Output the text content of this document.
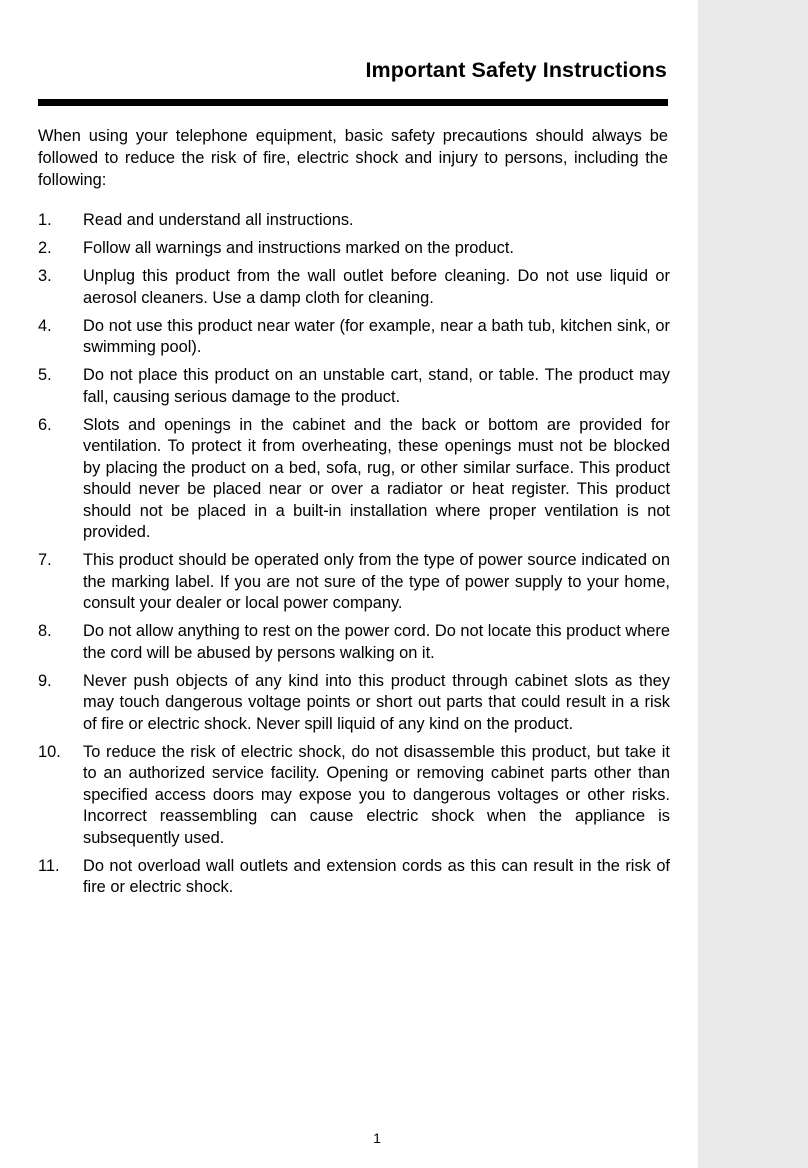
Important Safety Instructions

When using your telephone equipment, basic safety precautions should always be followed to reduce the risk of fire, electric shock and injury to persons, including the following:

1. Read and understand all instructions.
2. Follow all warnings and instructions marked on the product.
3. Unplug this product from the wall outlet before cleaning. Do not use liquid or aerosol cleaners. Use a damp cloth for cleaning.
4. Do not use this product near water (for example, near a bath tub, kitchen sink, or swimming pool).
5. Do not place this product on an unstable cart, stand, or table. The product may fall, causing serious damage to the product.
6. Slots and openings in the cabinet and the back or bottom are provided for ventilation. To protect it from overheating, these openings must not be blocked by placing the product on a bed, sofa, rug, or other similar surface. This product should never be placed near or over a radiator or heat register. This product should not be placed in a built-in installation where proper ventilation is not provided.
7. This product should be operated only from the type of power source indicated on the marking label. If you are not sure of the type of power supply to your home, consult your dealer or local power company.
8. Do not allow anything to rest on the power cord. Do not locate this product where the cord will be abused by persons walking on it.
9. Never push objects of any kind into this product through cabinet slots as they may touch dangerous voltage points or short out parts that could result in a risk of fire or electric shock. Never spill liquid of any kind on the product.
10. To reduce the risk of electric shock, do not disassemble this product, but take it to an authorized service facility. Opening or removing cabinet parts other than specified access doors may expose you to dangerous voltages or other risks. Incorrect reassembling can cause electric shock when the appliance is subsequently used.
11. Do not overload wall outlets and extension cords as this can result in the risk of fire or electric shock.
1
